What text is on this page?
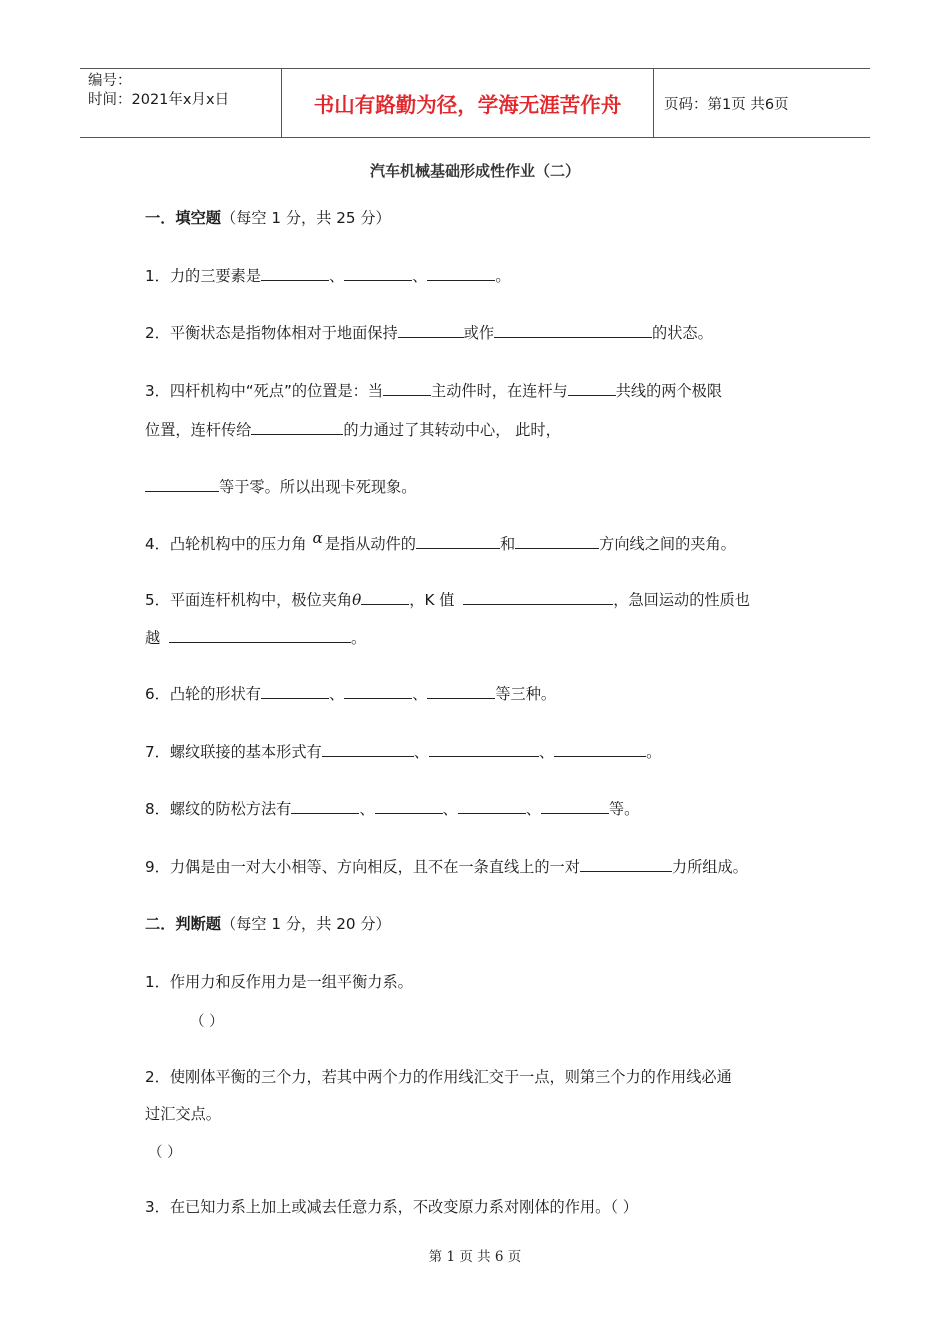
编号：
时间：2021年x月x日	书山有路勤为径，学海无涯苦作舟	页码：第1页 共6页
汽车机械基础形成性作业（二）
一．填空题（每空 1 分，共 25 分）
1．力的三要素是	、	、	。
2．平衡状态是指物体相对于地面保持	或作	的状态。
3．四杆机构中“死点”的位置是：当	主动件时，在连杆与	共线的两个极限
位置，连杆传给	的力通过了其转动中心， 此时，
等于零。所以出现卡死现象。
4．凸轮机构中的压力角 α 是指从动件的	和	方向线之间的夹角。
5．平面连杆机构中，极位夹角θ	，K 值	，急回运动的性质也
越	。
6．凸轮的形状有	、	、	等三种。
7．螺纹联接的基本形式有	、	、	。
8．螺纹的防松方法有	、	、	、	等。
9．力偶是由一对大小相等、方向相反，且不在一条直线上的一对	力所组成。
二．判断题（每空 1 分，共 20 分）
1．作用力和反作用力是一组平衡力系。
（ ）
2．使刚体平衡的三个力，若其中两个力的作用线汇交于一点，则第三个力的作用线必通
过汇交点。
（ ）
3．在已知力系上加上或减去任意力系，不改变原力系对刚体的作用。（ ）
第 1 页 共 6 页
